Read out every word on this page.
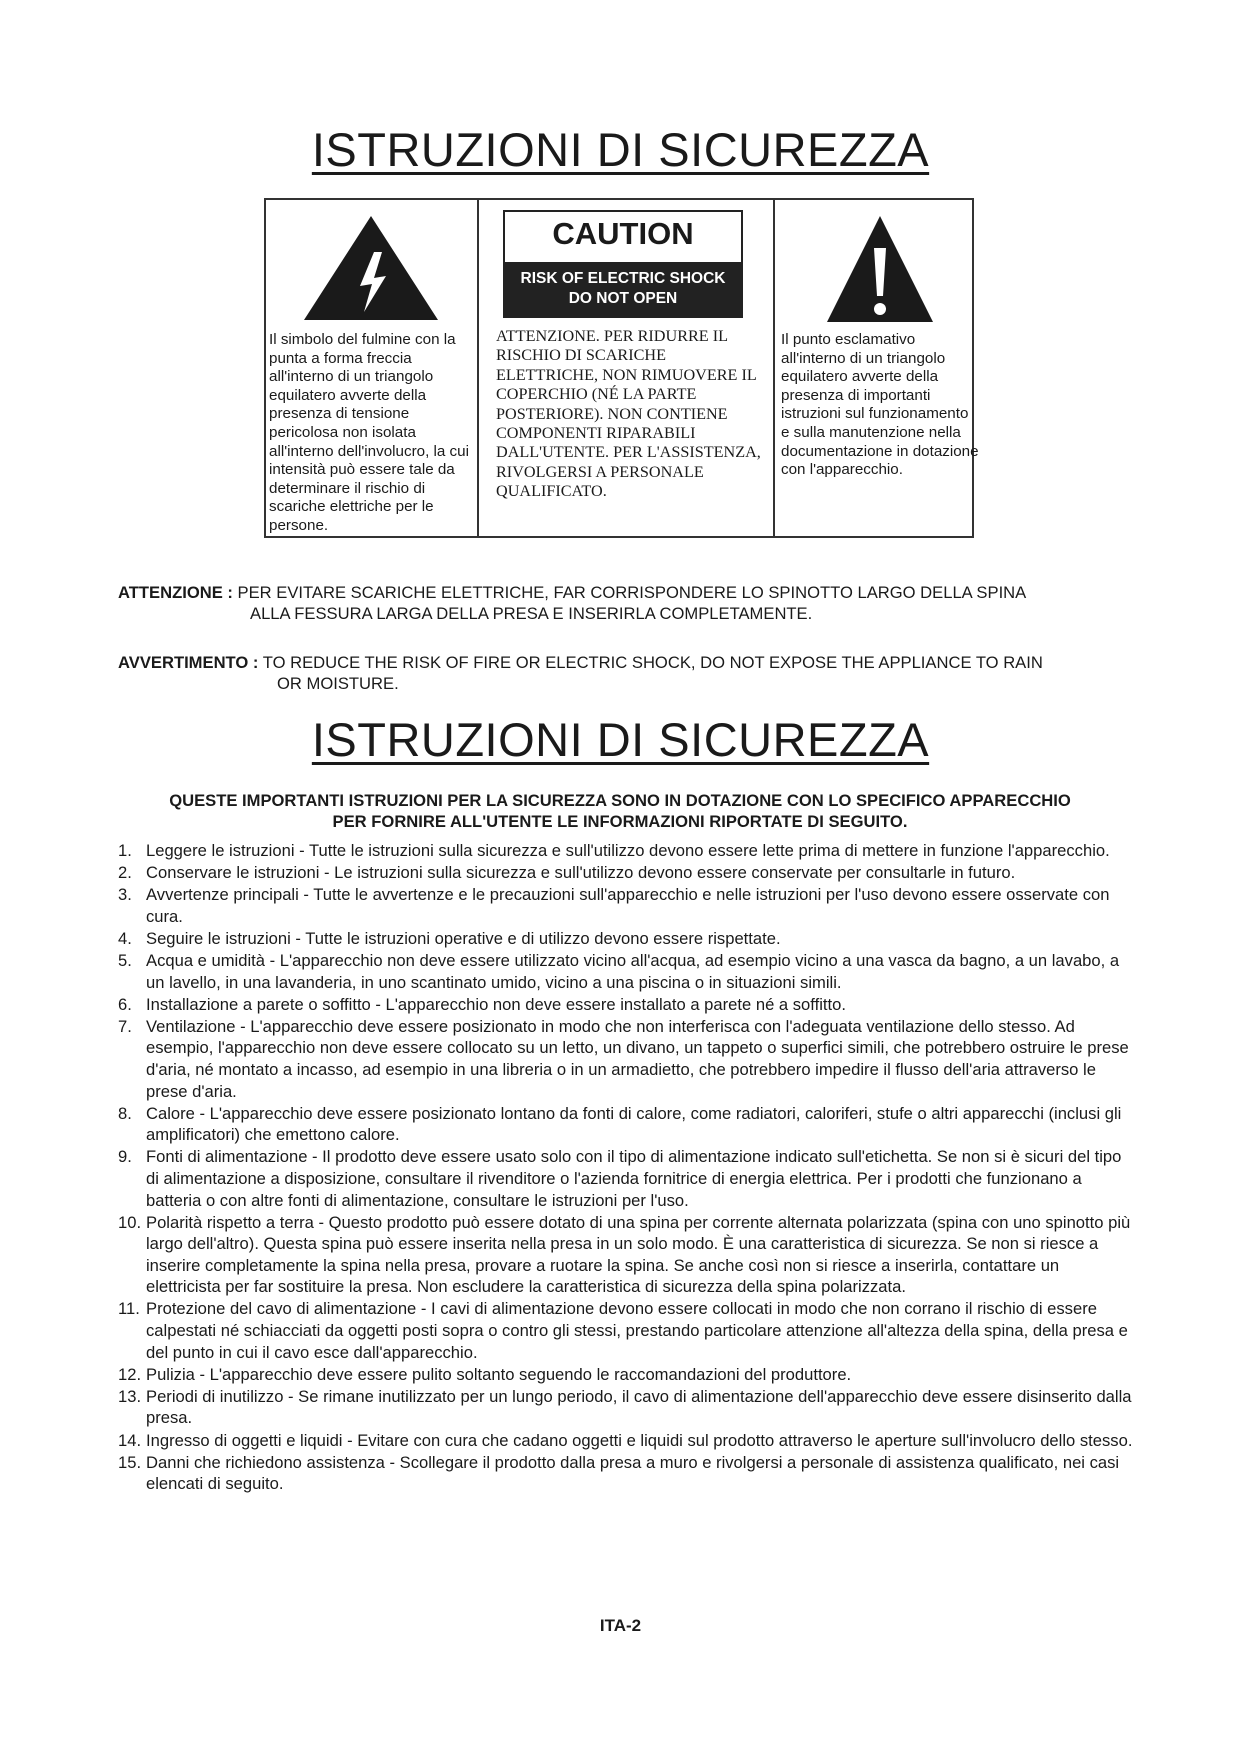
ISTRUZIONI DI SICUREZZA
Il simbolo del fulmine con la punta a forma freccia all'interno di un triangolo equilatero avverte della presenza di tensione pericolosa non isolata all'interno dell'involucro, la cui intensità può essere tale da determinare il rischio di scariche elettriche per le persone.
CAUTION
RISK OF ELECTRIC SHOCK
DO NOT OPEN
ATTENZIONE. PER RIDURRE IL RISCHIO DI SCARICHE ELETTRICHE, NON RIMUOVERE IL COPERCHIO (NÉ LA PARTE POSTERIORE). NON CONTIENE COMPONENTI RIPARABILI DALL'UTENTE. PER L'ASSISTENZA, RIVOLGERSI A PERSONALE QUALIFICATO.
Il punto esclamativo all'interno di un triangolo equilatero avverte della presenza di importanti istruzioni sul funzionamento e sulla manutenzione nella documentazione in dotazione con l'apparecchio.
ATTENZIONE : PER EVITARE SCARICHE ELETTRICHE, FAR CORRISPONDERE LO SPINOTTO LARGO DELLA SPINA
ALLA FESSURA LARGA DELLA PRESA E INSERIRLA COMPLETAMENTE.
AVVERTIMENTO : TO REDUCE THE RISK OF FIRE OR ELECTRIC SHOCK, DO NOT EXPOSE THE APPLIANCE TO RAIN
OR MOISTURE.
ISTRUZIONI DI SICUREZZA
QUESTE IMPORTANTI ISTRUZIONI PER LA SICUREZZA SONO IN DOTAZIONE CON LO SPECIFICO APPARECCHIO
PER FORNIRE ALL'UTENTE LE INFORMAZIONI RIPORTATE DI SEGUITO.
1. Leggere le istruzioni - Tutte le istruzioni sulla sicurezza e sull'utilizzo devono essere lette prima di mettere in funzione l'apparecchio.
2. Conservare le istruzioni - Le istruzioni sulla sicurezza e sull'utilizzo devono essere conservate per consultarle in futuro.
3. Avvertenze principali - Tutte le avvertenze e le precauzioni sull'apparecchio e nelle istruzioni per l'uso devono essere osservate con cura.
4. Seguire le istruzioni - Tutte le istruzioni operative e di utilizzo devono essere rispettate.
5. Acqua e umidità - L'apparecchio non deve essere utilizzato vicino all'acqua, ad esempio vicino a una vasca da bagno, a un lavabo, a un lavello, in una lavanderia, in uno scantinato umido, vicino a una piscina o in situazioni simili.
6. Installazione a parete o soffitto - L'apparecchio non deve essere installato a parete né a soffitto.
7. Ventilazione - L'apparecchio deve essere posizionato in modo che non interferisca con l'adeguata ventilazione dello stesso. Ad esempio, l'apparecchio non deve essere collocato su un letto, un divano, un tappeto o superfici simili, che potrebbero ostruire le prese d'aria, né montato a incasso, ad esempio in una libreria o in un armadietto, che potrebbero impedire il flusso dell'aria attraverso le prese d'aria.
8. Calore - L'apparecchio deve essere posizionato lontano da fonti di calore, come radiatori, caloriferi, stufe o altri apparecchi (inclusi gli amplificatori) che emettono calore.
9. Fonti di alimentazione - Il prodotto deve essere usato solo con il tipo di alimentazione indicato sull'etichetta. Se non si è sicuri del tipo di alimentazione a disposizione, consultare il rivenditore o l'azienda fornitrice di energia elettrica. Per i prodotti che funzionano a batteria o con altre fonti di alimentazione, consultare le istruzioni per l'uso.
10. Polarità rispetto a terra - Questo prodotto può essere dotato di una spina per corrente alternata polarizzata (spina con uno spinotto più largo dell'altro). Questa spina può essere inserita nella presa in un solo modo. È una caratteristica di sicurezza. Se non si riesce a inserire completamente la spina nella presa, provare a ruotare la spina. Se anche così non si riesce a inserirla, contattare un elettricista per far sostituire la presa. Non escludere la caratteristica di sicurezza della spina polarizzata.
11. Protezione del cavo di alimentazione - I cavi di alimentazione devono essere collocati in modo che non corrano il rischio di essere calpestati né schiacciati da oggetti posti sopra o contro gli stessi, prestando particolare attenzione all'altezza della spina, della presa e del punto in cui il cavo esce dall'apparecchio.
12. Pulizia - L'apparecchio deve essere pulito soltanto seguendo le raccomandazioni del produttore.
13. Periodi di inutilizzo - Se rimane inutilizzato per un lungo periodo, il cavo di alimentazione dell'apparecchio deve essere disinserito dalla presa.
14. Ingresso di oggetti e liquidi - Evitare con cura che cadano oggetti e liquidi sul prodotto attraverso le aperture sull'involucro dello stesso.
15. Danni che richiedono assistenza - Scollegare il prodotto dalla presa a muro e rivolgersi a personale di assistenza qualificato, nei casi elencati di seguito.
ITA-2
